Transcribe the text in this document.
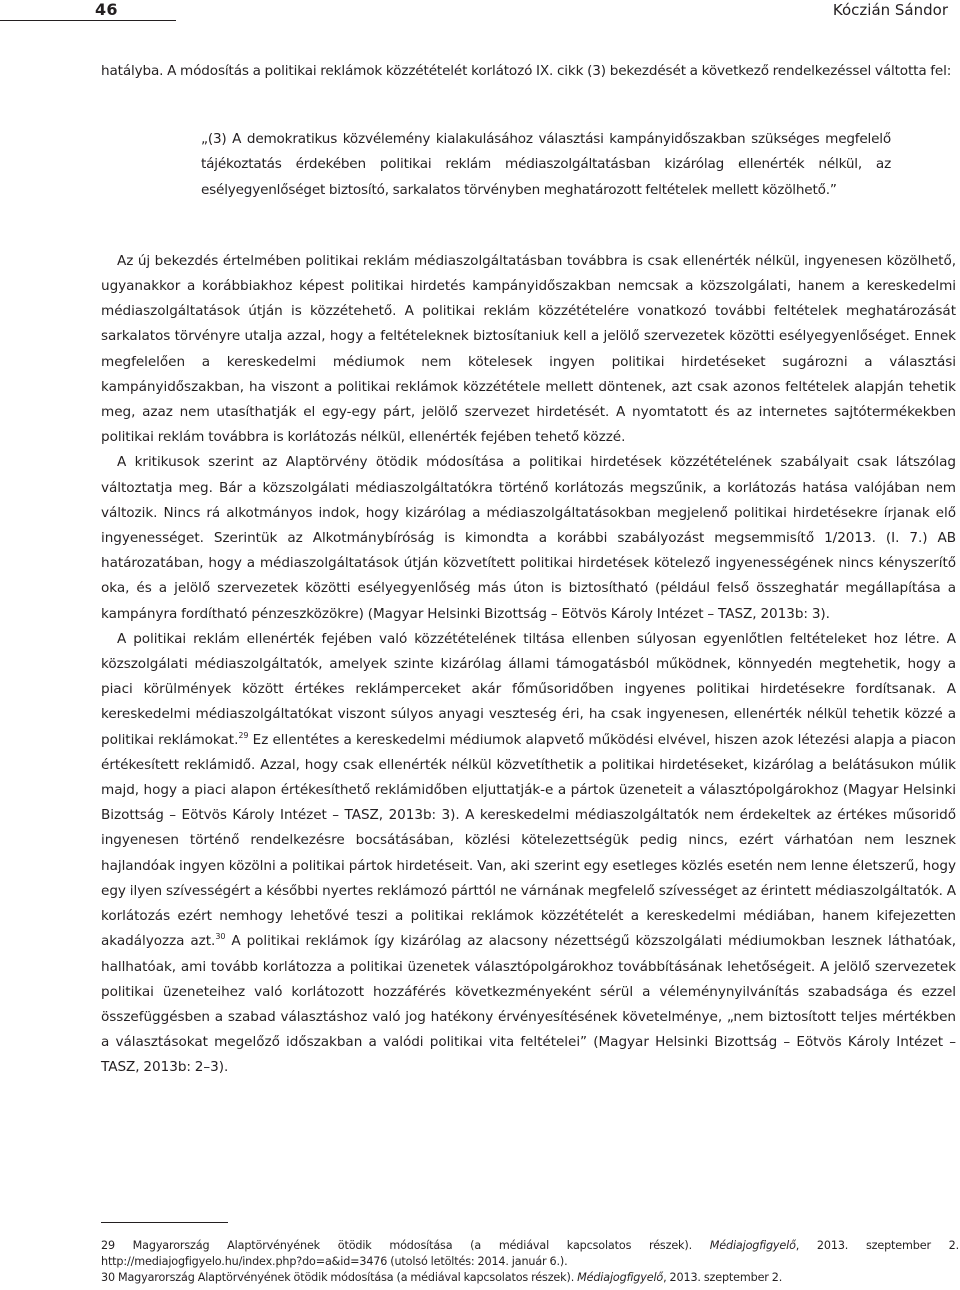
46	Kóczián Sándor

hatályba. A módosítás a politikai reklámok közzétételét korlátozó IX. cikk (3) bekezdését a következő rendelkezéssel váltotta fel:

„(3) A demokratikus közvélemény kialakulásához választási kampányidőszakban szükséges megfelelő tájékoztatás érdekében politikai reklám médiaszolgáltatásban kizárólag ellenérték nélkül, az esélyegyenlőséget biztosító, sarkalatos törvényben meghatározott feltételek mellett közölhető.”

Az új bekezdés értelmében politikai reklám médiaszolgáltatásban továbbra is csak ellenérték nélkül, ingyenesen közölhető, ugyanakkor a korábbiakhoz képest politikai hirdetés kampányidőszakban nemcsak a közszolgálati, hanem a kereskedelmi médiaszolgáltatások útján is közzétehető. A politikai reklám közzétételére vonatkozó további feltételek meghatározását sarkalatos törvényre utalja azzal, hogy a feltételeknek biztosítaniuk kell a jelölő szervezetek közötti esélyegyenlőséget. Ennek megfelelően a kereskedelmi médiumok nem kötelesek ingyen politikai hirdetéseket sugározni a választási kampányidőszakban, ha viszont a politikai reklámok közzététele mellett döntenek, azt csak azonos feltételek alapján tehetik meg, azaz nem utasíthatják el egy-egy párt, jelölő szervezet hirdetését. A nyomtatott és az internetes sajtótermékekben politikai reklám továbbra is korlátozás nélkül, ellenérték fejében tehető közzé.

A kritikusok szerint az Alaptörvény ötödik módosítása a politikai hirdetések közzétételének szabályait csak látszólag változtatja meg. Bár a közszolgálati médiaszolgáltatókra történő korlátozás megszűnik, a korlátozás hatása valójában nem változik. Nincs rá alkotmányos indok, hogy kizárólag a médiaszolgáltatásokban megjelenő politikai hirdetésekre írjanak elő ingyenességet. Szerintük az Alkotmánybíróság is kimondta a korábbi szabályozást megsemmisítő 1/2013. (I. 7.) AB határozatában, hogy a médiaszolgáltatások útján közvetített politikai hirdetések kötelező ingyenességének nincs kényszerítő oka, és a jelölő szervezetek közötti esélyegyenlőség más úton is biztosítható (például felső összeghatár megállapítása a kampányra fordítható pénzeszközökre) (Magyar Helsinki Bizottság – Eötvös Károly Intézet – TASZ, 2013b: 3).

A politikai reklám ellenérték fejében való közzétételének tiltása ellenben súlyosan egyenlőtlen feltételeket hoz létre. A közszolgálati médiaszolgáltatók, amelyek szinte kizárólag állami támogatásból működnek, könnyedén megtehetik, hogy a piaci körülmények között értékes reklámperceket akár főműsoridőben ingyenes politikai hirdetésekre fordítsanak. A kereskedelmi médiaszolgáltatókat viszont súlyos anyagi veszteség éri, ha csak ingyenesen, ellenérték nélkül tehetik közzé a politikai reklámokat.$^{29}$ Ez ellentétes a kereskedelmi médiumok alapvető működési elvével, hiszen azok létezési alapja a piacon értékesített reklámidő. Azzal, hogy csak ellenérték nélkül közvetíthetik a politikai hirdetéseket, kizárólag a belátásukon múlik majd, hogy a piaci alapon értékesíthető reklámidőben eljuttatják-e a pártok üzeneteit a választópolgárokhoz (Magyar Helsinki Bizottság – Eötvös Károly Intézet – TASZ, 2013b: 3). A kereskedelmi médiaszolgáltatók nem érdekeltek az értékes műsoridő ingyenesen történő rendelkezésre bocsátásában, közlési kötelezettségük pedig nincs, ezért várhatóan nem lesznek hajlandóak ingyen közölni a politikai pártok hirdetéseit. Van, aki szerint egy esetleges közlés esetén nem lenne életszerű, hogy egy ilyen szívességért a későbbi nyertes reklámozó párttól ne várnának megfelelő szívességet az érintett médiaszolgáltatók. A korlátozás ezért nemhogy lehetővé teszi a politikai reklámok közzétételét a kereskedelmi médiában, hanem kifejezetten akadályozza azt.$^{30}$ A politikai reklámok így kizárólag az alacsony nézettségű közszolgálati médiumokban lesznek láthatóak, hallhatóak, ami tovább korlátozza a politikai üzenetek választópolgárokhoz továbbításának lehetőségeit. A jelölő szervezetek politikai üzeneteihez való korlátozott hozzáférés következményeként sérül a véleménynyilvánítás szabadsága és ezzel összefüggésben a szabad választáshoz való jog hatékony érvényesítésének követelménye, „nem biztosított teljes mértékben a választásokat megelőző időszakban a valódi politikai vita feltételei” (Magyar Helsinki Bizottság – Eötvös Károly Intézet – TASZ, 2013b: 2–3).

29 Magyarország Alaptörvényének ötödik módosítása (a médiával kapcsolatos részek). Médiajogfigyelő, 2013. szeptember 2. http://mediajogfigyelo.hu/index.php?do=a&id=3476 (utolsó letöltés: 2014. január 6.).

30 Magyarország Alaptörvényének ötödik módosítása (a médiával kapcsolatos részek). Médiajogfigyelő, 2013. szeptember 2.
